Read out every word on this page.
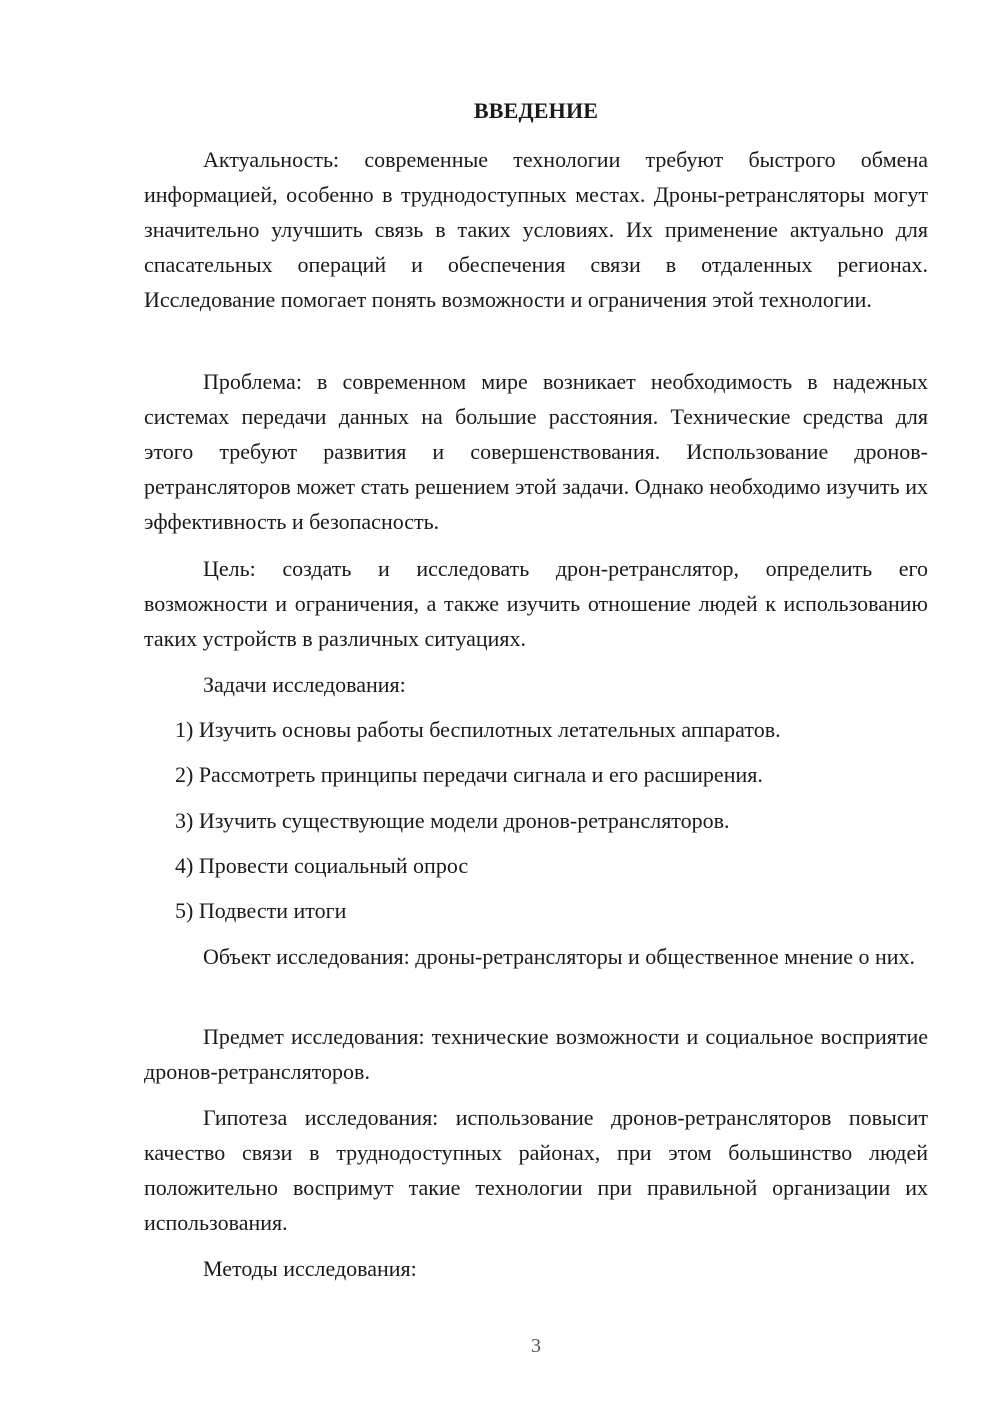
ВВЕДЕНИЕ
Актуальность: современные технологии требуют быстрого обмена информацией, особенно в труднодоступных местах. Дроны-ретрансляторы могут значительно улучшить связь в таких условиях. Их применение актуально для спасательных операций и обеспечения связи в отдаленных регионах. Исследование помогает понять возможности и ограничения этой технологии.
Проблема: в современном мире возникает необходимость в надежных системах передачи данных на большие расстояния. Технические средства для этого требуют развития и совершенствования. Использование дронов-ретрансляторов может стать решением этой задачи. Однако необходимо изучить их эффективность и безопасность.
Цель: создать и исследовать дрон-ретранслятор, определить его возможности и ограничения, а также изучить отношение людей к использованию таких устройств в различных ситуациях.
Задачи исследования:
1) Изучить основы работы беспилотных летательных аппаратов.
2) Рассмотреть принципы передачи сигнала и его расширения.
3) Изучить существующие модели дронов-ретрансляторов.
4) Провести социальный опрос
5) Подвести итоги
Объект исследования: дроны-ретрансляторы и общественное мнение о них.
Предмет исследования: технические возможности и социальное восприятие дронов-ретрансляторов.
Гипотеза исследования: использование дронов-ретрансляторов повысит качество связи в труднодоступных районах, при этом большинство людей положительно воспримут такие технологии при правильной организации их использования.
Методы исследования:
3
